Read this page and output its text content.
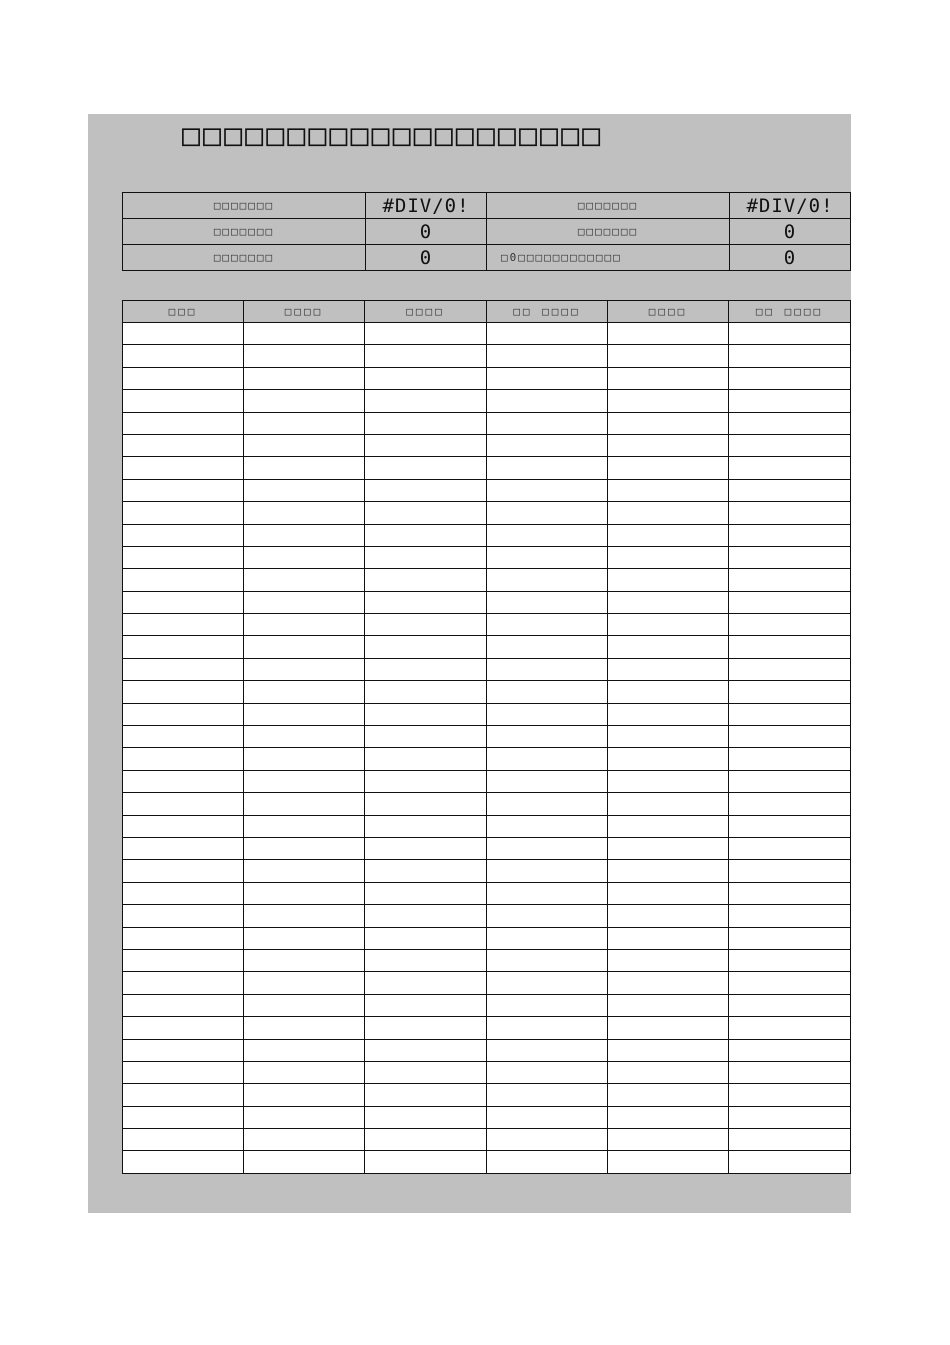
□□□□□□□□□□□□□□□□□□□□
□□□□□□□	#DIV/0!	□□□□□□□	#DIV/0!
□□□□□□□	0	□□□□□□□	0
□□□□□□□	0	□0□□□□□□□□□□□□	0
□□□	□□□□	□□□□	□□ □□□□	□□□□	□□ □□□□
